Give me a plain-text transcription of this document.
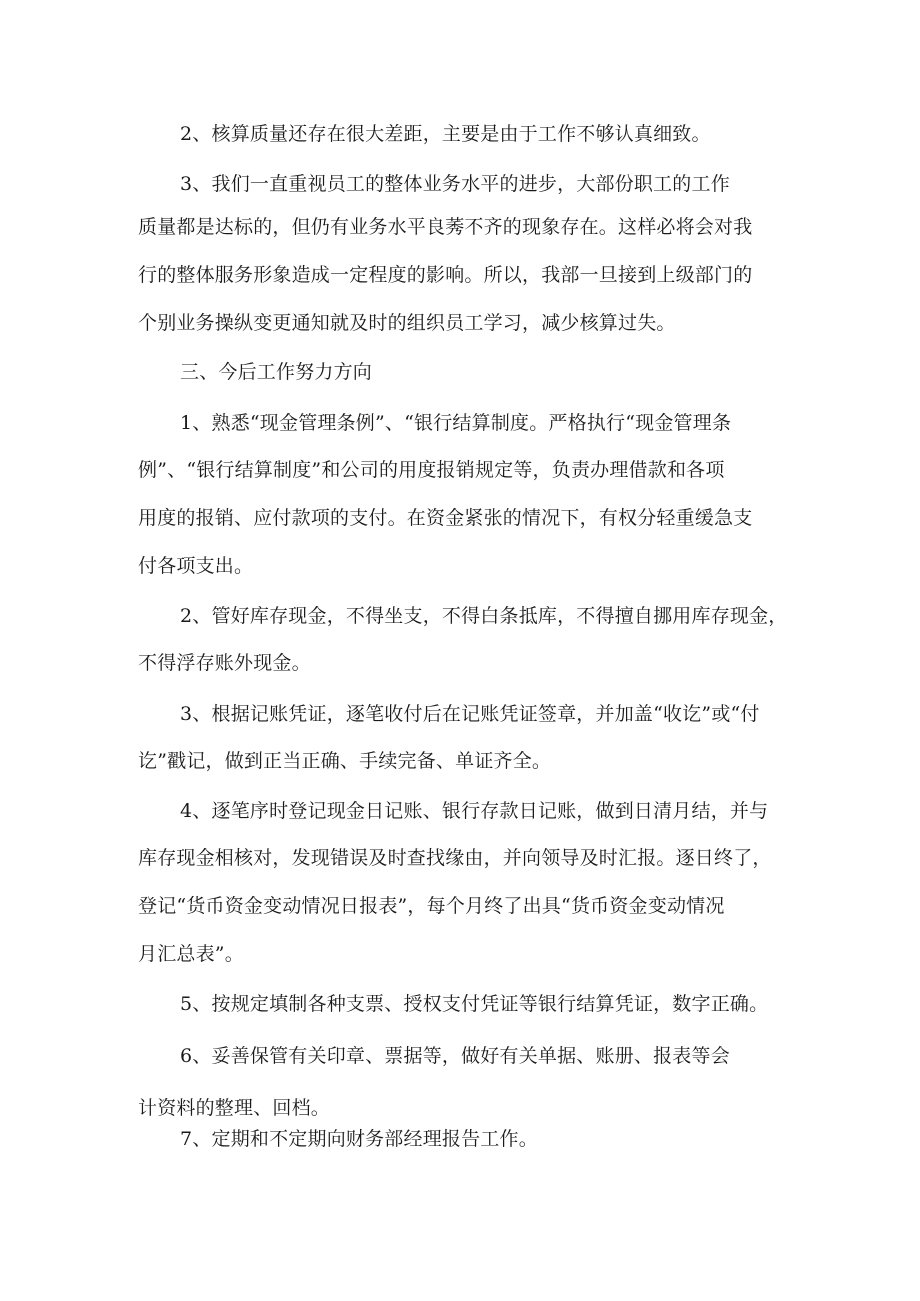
2、核算质量还存在很大差距，主要是由于工作不够认真细致。
3、我们一直重视员工的整体业务水平的进步，大部份职工的工作
质量都是达标的，但仍有业务水平良莠不齐的现象存在。这样必将会对我
行的整体服务形象造成一定程度的影响。所以，我部一旦接到上级部门的
个别业务操纵变更通知就及时的组织员工学习，减少核算过失。
三、今后工作努力方向
1、熟悉“现金管理条例”、“银行结算制度。严格执行“现金管理条
例”、“银行结算制度”和公司的用度报销规定等，负责办理借款和各项
用度的报销、应付款项的支付。在资金紧张的情况下，有权分轻重缓急支
付各项支出。
2、管好库存现金，不得坐支，不得白条抵库，不得擅自挪用库存现金，
不得浮存账外现金。
3、根据记账凭证，逐笔收付后在记账凭证签章，并加盖“收讫”或“付
讫”戳记，做到正当正确、手续完备、单证齐全。
4、逐笔序时登记现金日记账、银行存款日记账，做到日清月结，并与
库存现金相核对，发现错误及时查找缘由，并向领导及时汇报。逐日终了，
登记“货币资金变动情况日报表”，每个月终了出具“货币资金变动情况
月汇总表”。
5、按规定填制各种支票、授权支付凭证等银行结算凭证，数字正确。
6、妥善保管有关印章、票据等，做好有关单据、账册、报表等会
计资料的整理、回档。
7、定期和不定期向财务部经理报告工作。
